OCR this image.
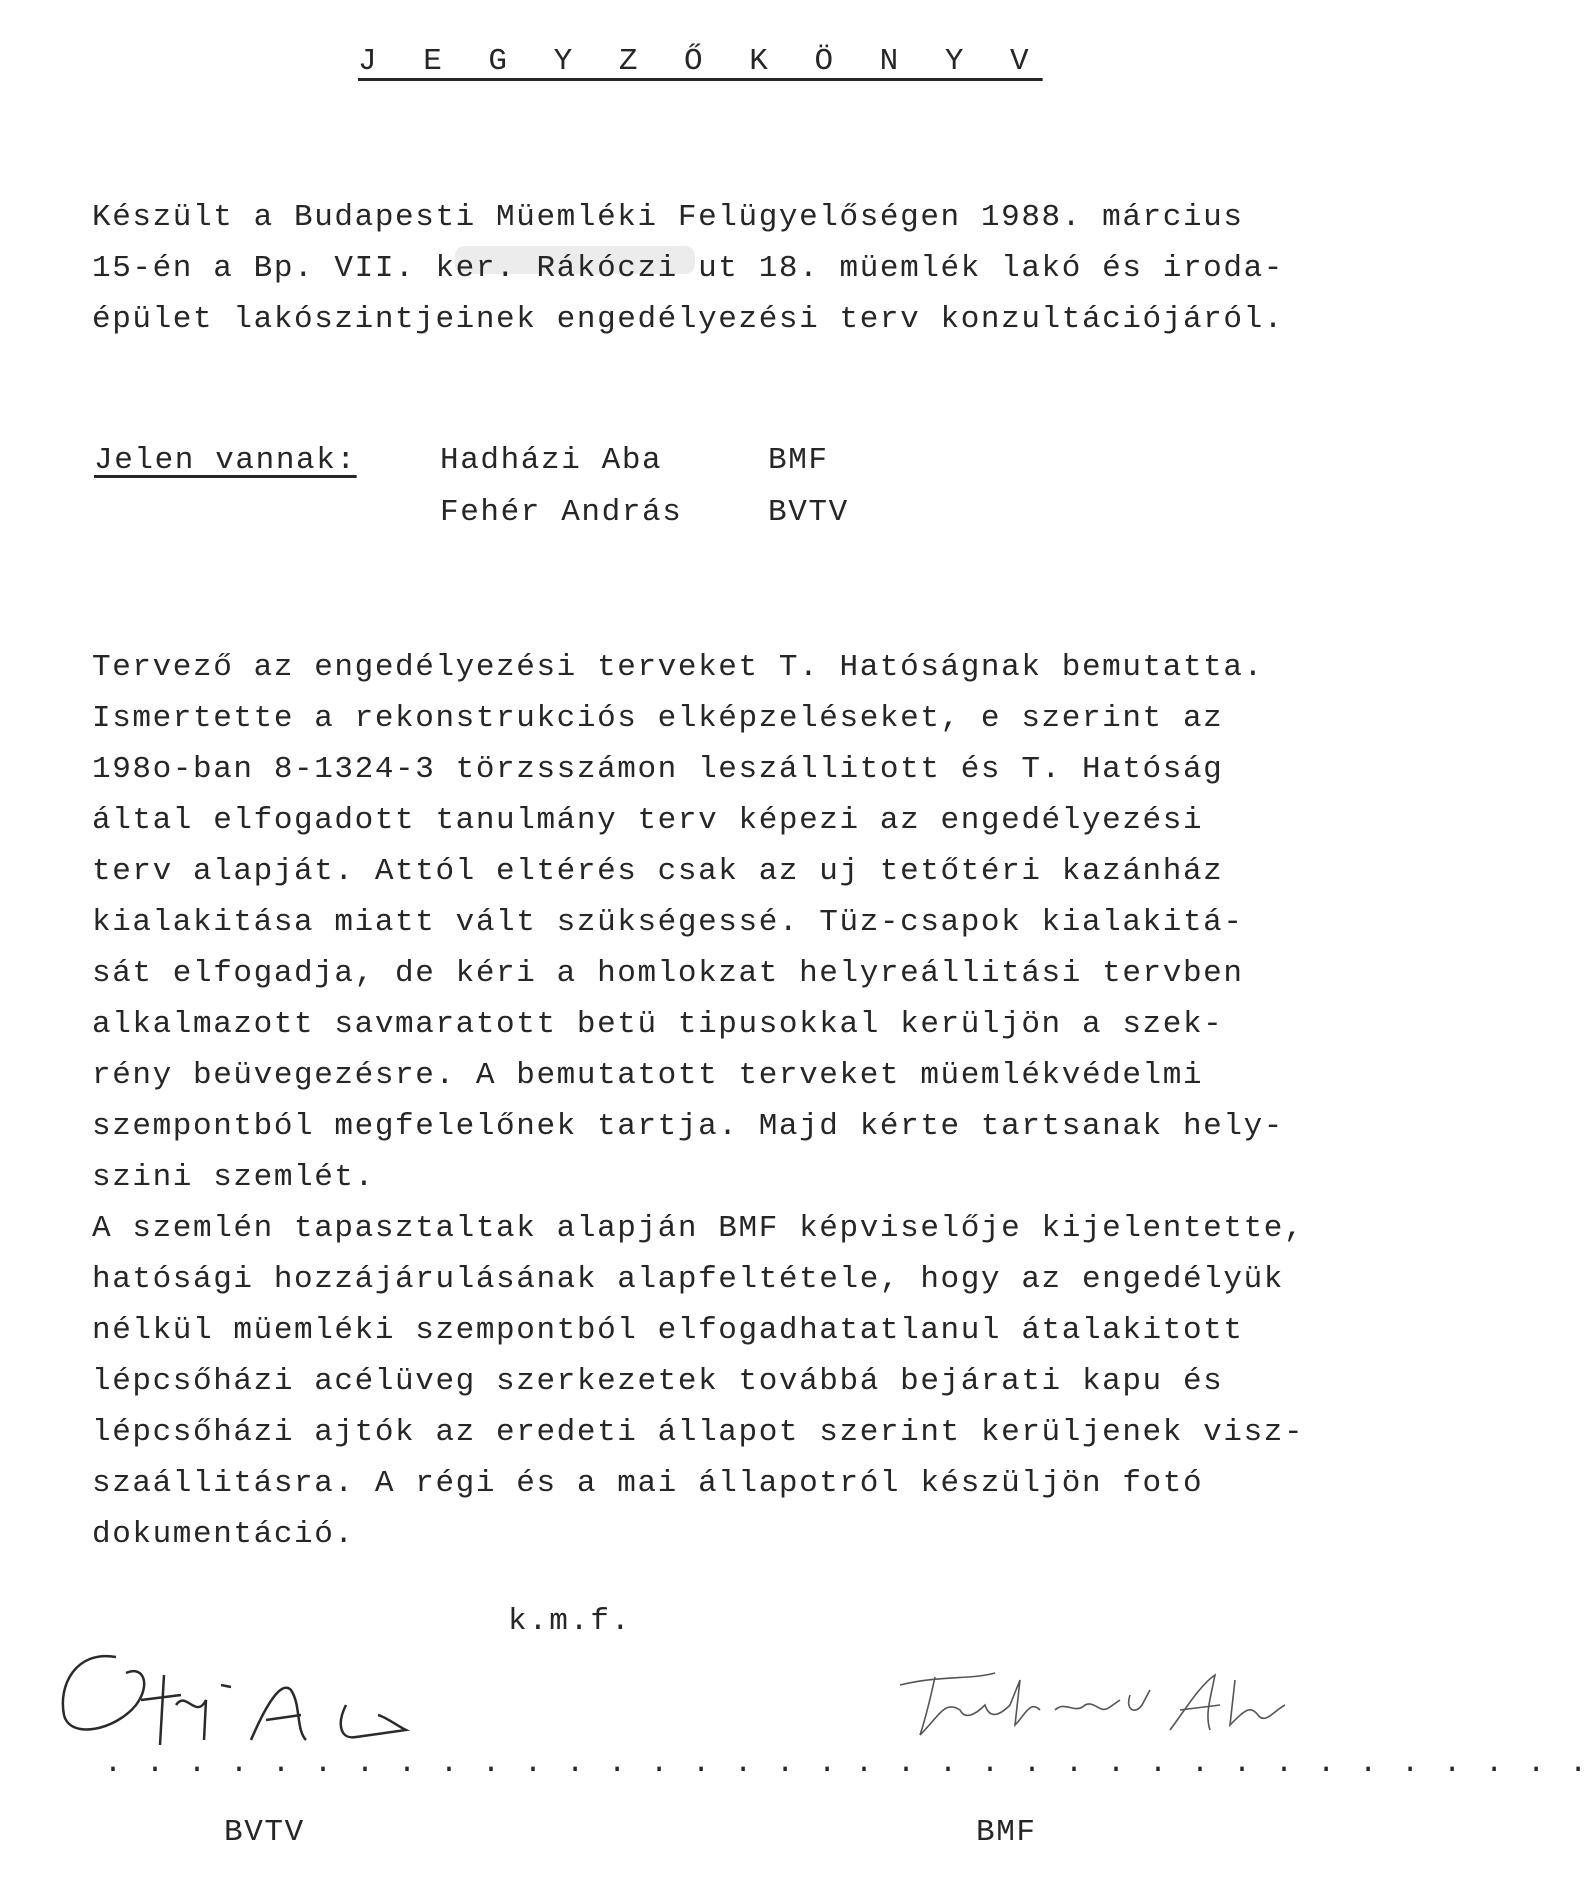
J E G Y Z Ő K Ö N Y V
Készült a Budapesti Müemléki Felügyelőségen 1988. március
15-én a Bp. VII. ker. Rákóczi ut 18. müemlék lakó és iroda-
épület lakószintjeinek engedélyezési terv konzultációjáról.
Jelen vannak:	Hadházi Aba	BMF
Fehér András	BVTV
Tervező az engedélyezési terveket T. Hatóságnak bemutatta.
Ismertette a rekonstrukciós elképzeléseket, e szerint az
198o-ban 8-1324-3 törzsszámon leszállitott és T. Hatóság
által elfogadott tanulmány terv képezi az engedélyezési
terv alapját. Attól eltérés csak az uj tetőtéri kazánház
kialakitása miatt vált szükségessé. Tüz-csapok kialakitá-
sát elfogadja, de kéri a homlokzat helyreállitási tervben
alkalmazott savmaratott betü tipusokkal kerüljön a szek-
rény beüvegezésre. A bemutatott terveket müemlékvédelmi
szempontból megfelelőnek tartja. Majd kérte tartsanak hely-
szini szemlét.
A szemlén tapasztaltak alapján BMF képviselője kijelentette,
hatósági hozzájárulásának alapfeltétele, hogy az engedélyük
nélkül müemléki szempontból elfogadhatatlanul átalakitott
lépcsőházi acélüveg szerkezetek továbbá bejárati kapu és
lépcsőházi ajtók az eredeti állapot szerint kerüljenek visz-
szaállitásra. A régi és a mai állapotról készüljön fotó
dokumentáció.
k.m.f.
. . . . . . . . . . . . . . . . . . . . . . . . . . . . . . . . . . . .
BVTV	BMF
